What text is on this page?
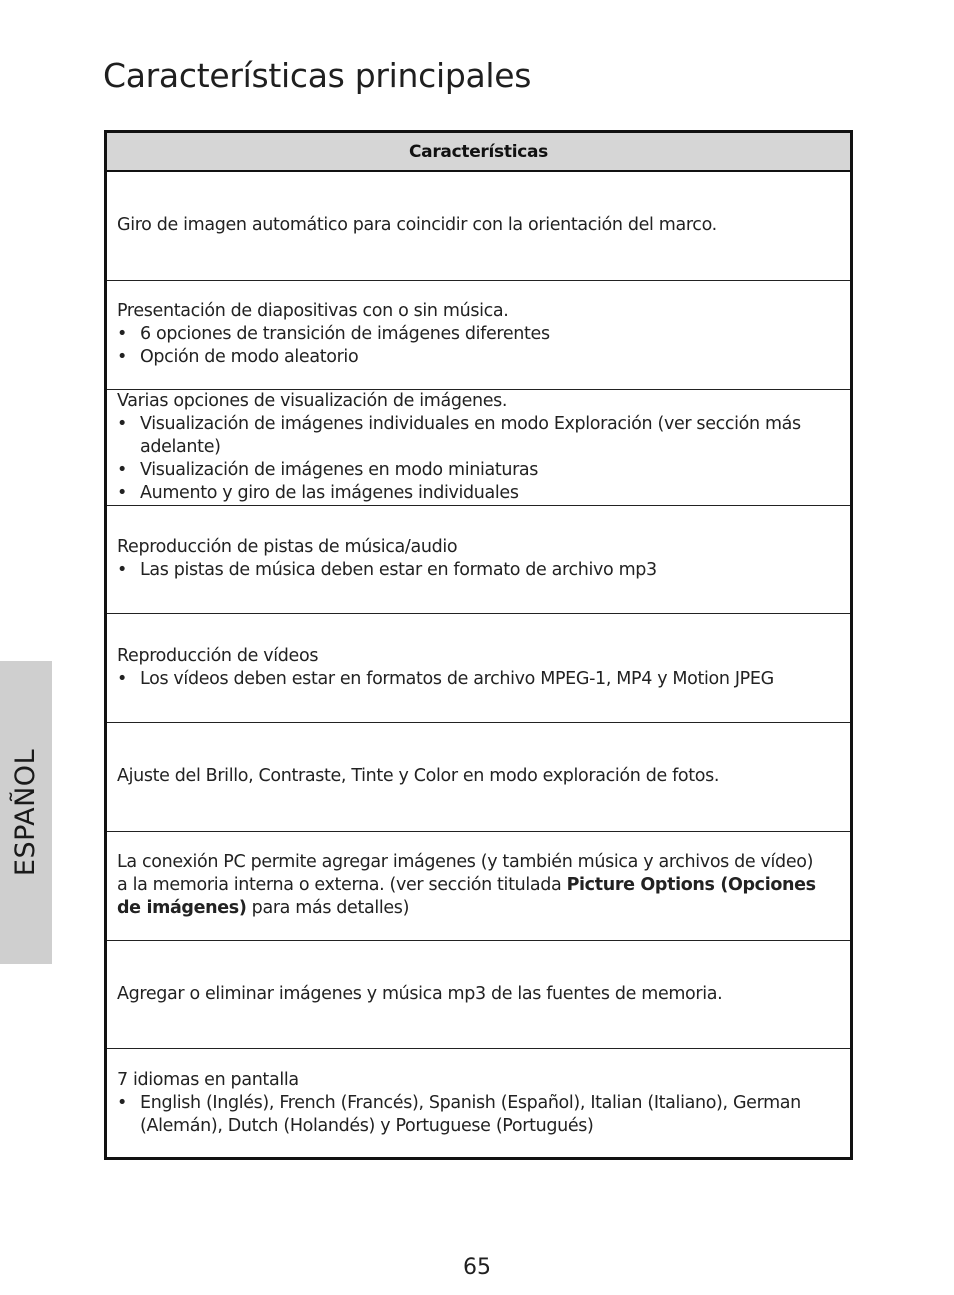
Características principales
Características

Giro de imagen automático para coincidir con la orientación del marco.

Presentación de diapositivas con o sin música.

• 6 opciones de transición de imágenes diferentes
• Opción de modo aleatorio

Varias opciones de visualización de imágenes.

• Visualización de imágenes individuales en modo Exploración (ver sección más adelante)
• Visualización de imágenes en modo miniaturas
• Aumento y giro de las imágenes individuales

Reproducción de pistas de música/audio

• Las pistas de música deben estar en formato de archivo mp3

Reproducción de vídeos

• Los vídeos deben estar en formatos de archivo MPEG-1, MP4 y Motion JPEG

Ajuste del Brillo, Contraste, Tinte y Color en modo exploración de fotos.

La conexión PC permite agregar imágenes (y también música y archivos de vídeo) a la memoria interna o externa. (ver sección titulada Picture Options (Opciones de imágenes) para más detalles)

Agregar o eliminar imágenes y música mp3 de las fuentes de memoria.

7 idiomas en pantalla

• English (Inglés), French (Francés), Spanish (Español), Italian (Italiano), German (Alemán), Dutch (Holandés) y Portuguese (Portugués)
ESPAÑOL
65
